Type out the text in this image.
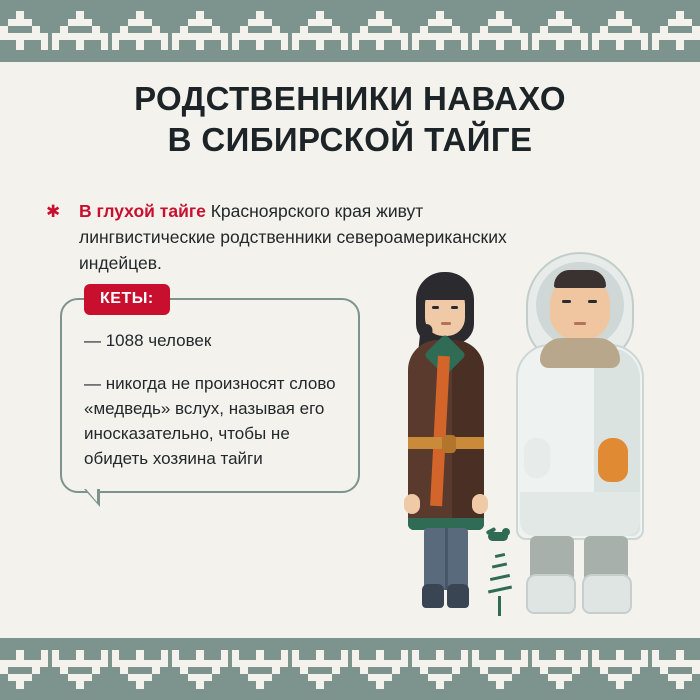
РОДСТВЕННИКИ НАВАХО
В СИБИРСКОЙ ТАЙГЕ
✱ В глухой тайге Красноярского края живут лингвистические родственники североамериканских индейцев.
КЕТЫ:

— 1088 человек

— никогда не произносят слово «медведь» вслух, называя его иносказательно, чтобы не обидеть хозяина тайги
